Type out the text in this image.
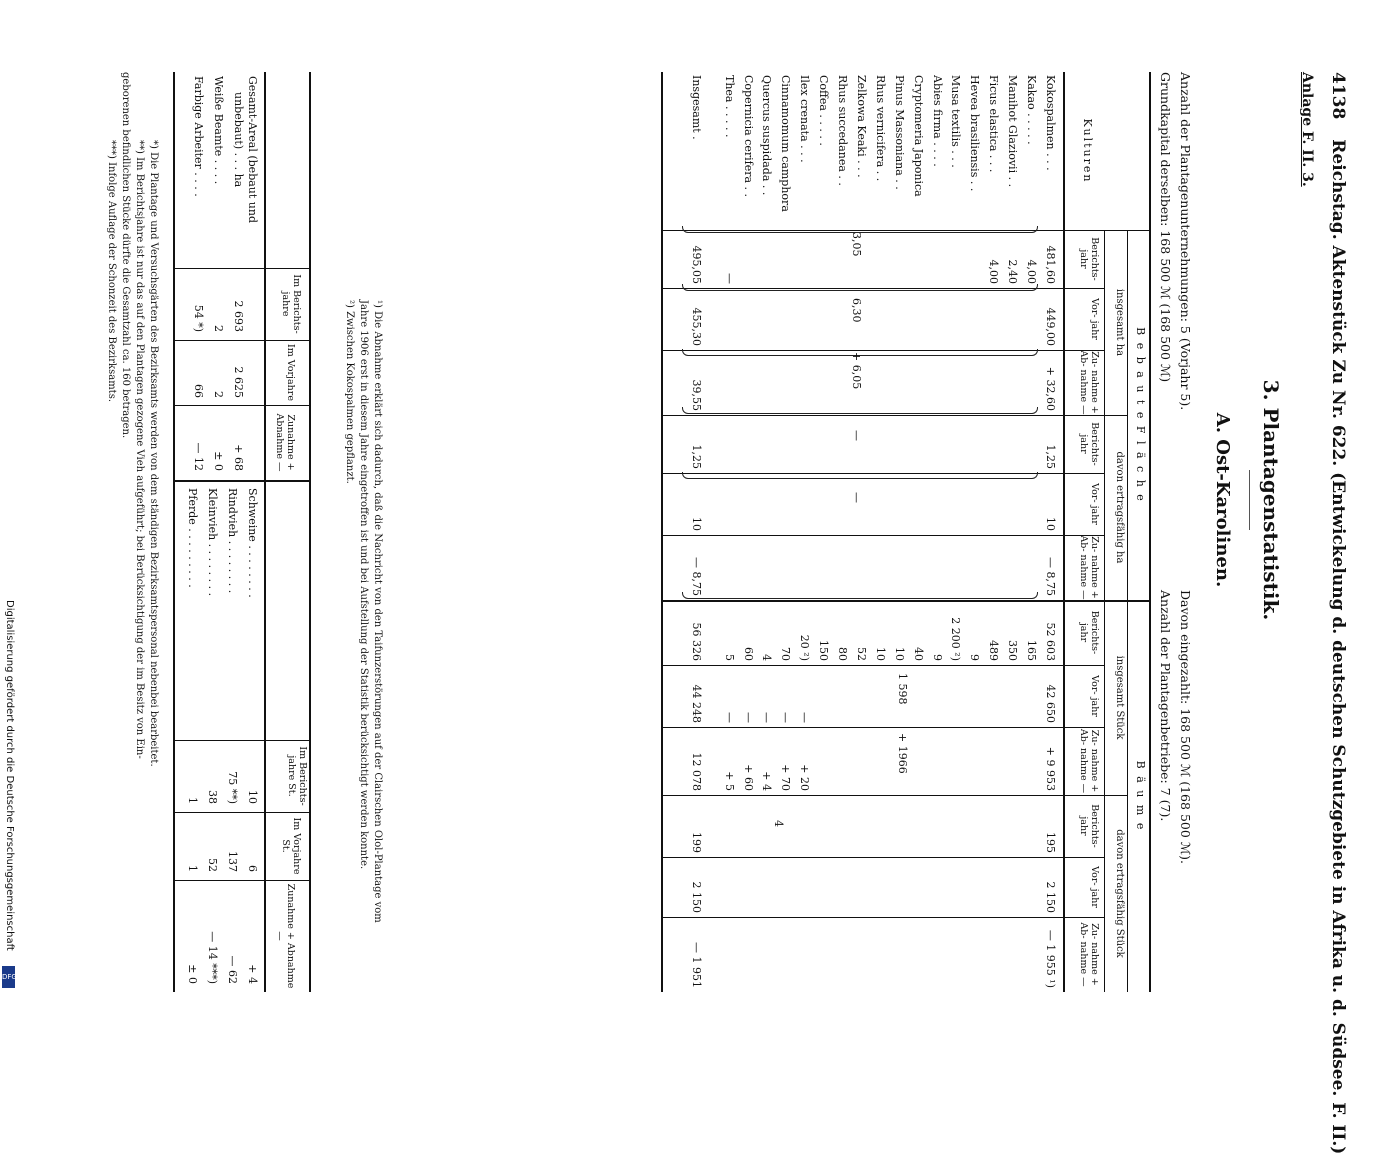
4138 Reichstag. Aktenstück Zu Nr. 622. (Entwickelung d. deutschen Schutzgebiete in Afrika u. d. Südsee. F. II.)
Anlage F. II. 3.
3. Plantagenstatistik.
A. Ost-Karolinen.
Anzahl der Plantagenunternehmungen: 5 (Vorjahr 5).
Davon eingezahlt: 168 500 ℳ (168 500 ℳ).
Grundkapital derselben: 168 500 ℳ (168 500 ℳ)
Anzahl der Plantagenbetriebe: 7 (7).
B e b a u t e F l ä c h e
B ä u m e
insgesamt ha
davon ertragsfähig ha
insgesamt Stück
davon ertragsfähig Stück
Kulturen
Berichts- jahr
Vor- jahr
Zu- nahme + Ab- nahme —
Berichts- jahr
Vor- jahr
Zu- nahme + Ab- nahme —
Berichts- jahr
Vor- jahr
Zu- nahme + Ab- nahme —
Berichts- jahr
Vor- jahr
Zu- nahme + Ab- nahme —
Kokospalmen . . .
481,60
449,00
+ 32,60
1,25
10
— 8,75
52 603
42 650
+ 9 953
195
2 150
— 1 955 ¹)
Kakao . . . . .
4,00
165
Manihot Glaziovii . .
2,40
350
Ficus elastica . . .
4,00
489
Hevea brasiliensis . .
9
Musa textilis . . .
2 200 ²)
Abies firma . . . .
9
Cryptomeria Japonica
40
Pinus Massoniana . .
10
Rhus vernicifera . .
10
Zelkowa Keaki . . .
52
Rhus succedanea . .
80
Coffea . . . . .
150
Ilex crenata . . .
20 ²)
—
+ 20
Cinnamomum camphora
70
—
+ 70
Quercus suspidada . .
4
—
+ 4
Copernicia cerifera . .
60
—
+ 60
Thea . . . . .
—
5
—
+ 5
Insgesamt .
495,05
455,30
39,55
1,25
10
— 8,75
56 326
44 248
12 078
199
2 150
— 1 951
3,05
6,30
+ 6,05
—
—
1 598
+ 1966
4
¹) Die Abnahme erklärt sich dadurch, daß die Nachricht von den Taifunzerstörungen auf der Clairschen Olol-Plantage vom
Jahre 1906 erst in diesem Jahre eingetroffen ist und bei Aufstellung der Statistik berücksichtigt werden konnte.
²) Zwischen Kokospalmen gepflanzt.
Im Berichts- jahre
Im Vorjahre
Zunahme + Abnahme —
Im Berichts- jahre St.
Im Vorjahre St.
Zunahme + Abnahme —
Gesamt-Areal (bebaut und
unbebaut) . . . ha
2 693
2 625
+ 68
Weiße Beamte . . . .
2
2
± 0
Farbige Arbeiter . . . .
54 *)
66
— 12
Schweine . . . . . . . .
10
6
+ 4
Rindvieh . . . . . . . .
75 **)
137
— 62
Kleinvieh . . . . . . . .
38
52
— 14 ***)
Pferde . . . . . . . . .
1
1
± 0
*) Die Plantage und Versuchsgärten des Bezirksamts werden von dem ständigen Bezirksamtspersonal nebenbei bearbeitet.
**) Im Berichtsjahre ist nur das auf den Plantagen gezogene Vieh aufgeführt; bei Berücksichtigung der im Besitz von Ein-
geborenen befindlichen Stücke dürfte die Gesamtzahl ca. 160 betragen.
***) Infolge Auflage der Schonzeit des Bezirksamts.
Digitalisierung gefördert durch die Deutsche Forschungsgemeinschaft
DFG
